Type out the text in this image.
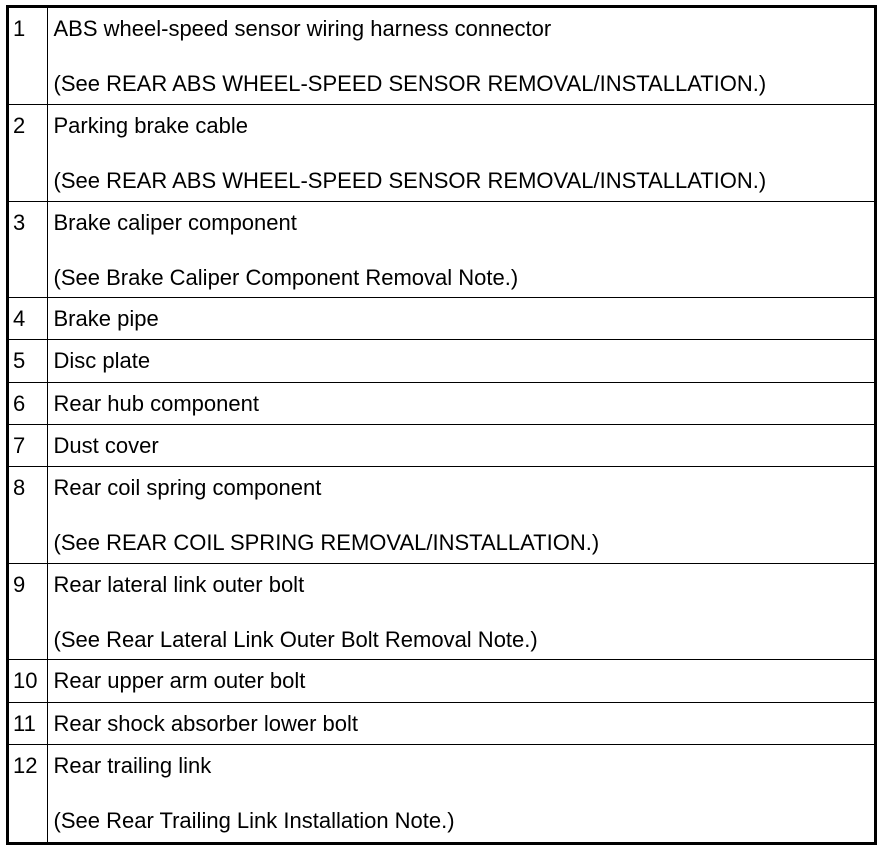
1	ABS wheel-speed sensor wiring harness connector
(See REAR ABS WHEEL-SPEED SENSOR REMOVAL/INSTALLATION.)

2	Parking brake cable
(See REAR ABS WHEEL-SPEED SENSOR REMOVAL/INSTALLATION.)

3	Brake caliper component
(See Brake Caliper Component Removal Note.)

4	Brake pipe

5	Disc plate

6	Rear hub component

7	Dust cover

8	Rear coil spring component
(See REAR COIL SPRING REMOVAL/INSTALLATION.)

9	Rear lateral link outer bolt
(See Rear Lateral Link Outer Bolt Removal Note.)

10	Rear upper arm outer bolt

11	Rear shock absorber lower bolt

12	Rear trailing link
(See Rear Trailing Link Installation Note.)
